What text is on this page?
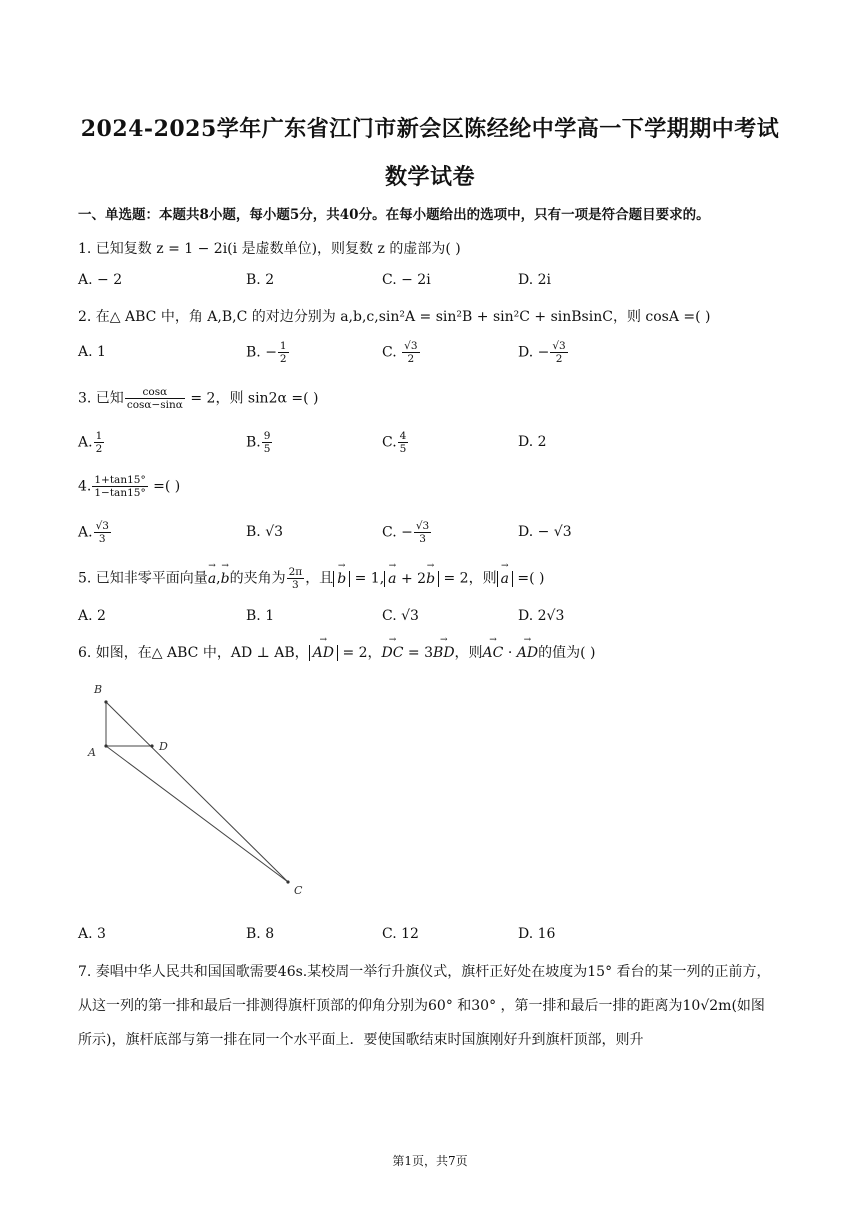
2024-2025学年广东省江门市新会区陈经纶中学高一下学期期中考试
数学试卷
一、单选题：本题共8小题，每小题5分，共40分。在每小题给出的选项中，只有一项是符合题目要求的。
1. 已知复数 z = 1 − 2i(i 是虚数单位)，则复数 z 的虚部为( )
A. − 2	B. 2	C. − 2i	D. 2i
2. 在△ ABC 中，角 A,B,C 的对边分别为 a,b,c,sin²A = sin²B + sin²C + sinBsinC，则 cosA =( )
A. 1	B. − $\frac{1}{2}$	C. $\frac{√3}{2}$	D. − $\frac{√3}{2}$
3. 已知 $\frac{\cos\alpha}{\cos\alpha-\sin\alpha} = 2$，则 sin2α =( )
A. $\frac{1}{2}$	B. $\frac{9}{5}$	C. $\frac{4}{5}$	D. 2
4. $\frac{1+\tan 15^\circ}{1-\tan 15^\circ}$ =( )
A. $\frac{√3}{3}$	B. √3	C. − $\frac{√3}{3}$	D. − √3
5. 已知非零平面向量→ a,→ b的夹角为 $\frac{2\pi}{3}$ ，且 → b = 1, → a + 2→ b = 2，则 → a =( )
A. 2	B. 1	C. √3	D. 2√3
6. 如图，在△ ABC 中，AD ⊥ AB， → AD = 2，→ DC = 3→ BD，则→ AC · → AD的值为( )
B
A	D
C
A. 3	B. 8	C. 12	D. 16
7. 奏唱中华人民共和国国歌需要46s.某校周一举行升旗仪式，旗杆正好处在坡度为15° 看台的某一列的正前方，从这一列的第一排和最后一排测得旗杆顶部的仰角分别为60° 和30° ，第一排和最后一排的距离为10√2m(如图所示)，旗杆底部与第一排在同一个水平面上．要使国歌结束时国旗刚好升到旗杆顶部，则升
第1页，共7页
